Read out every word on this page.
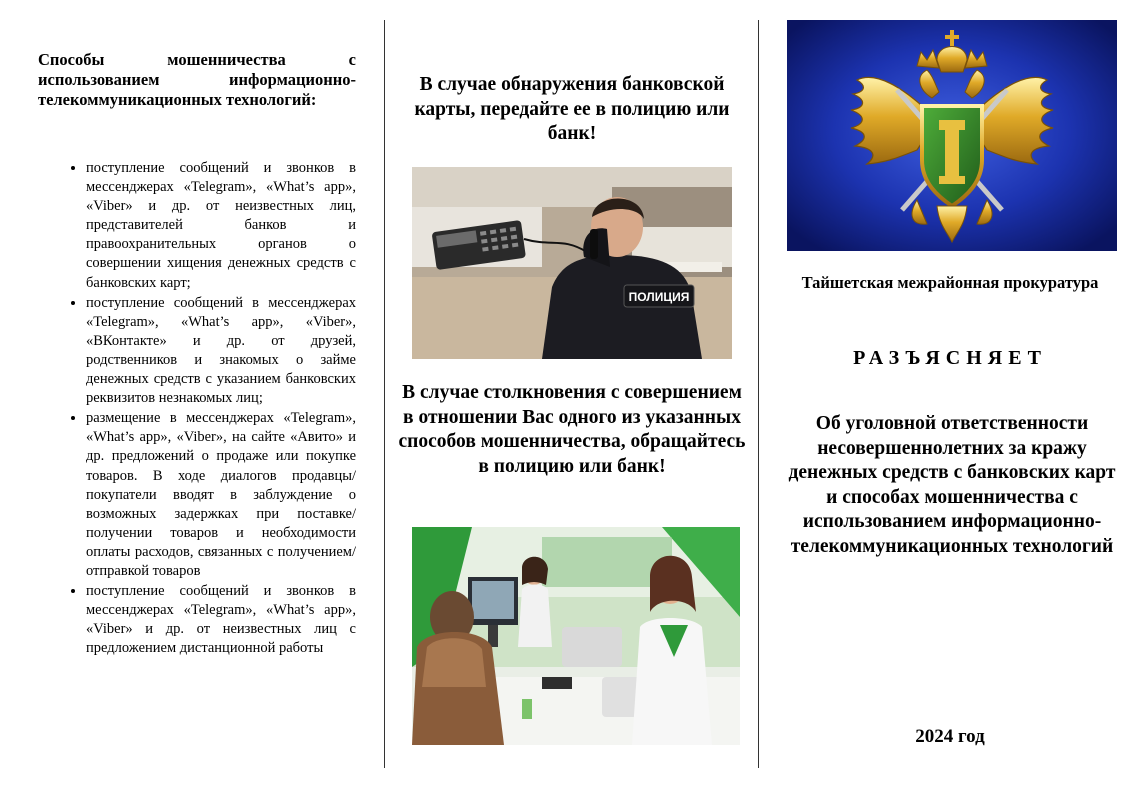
Способы мошенничества с использованием информационно-телекоммуникационных технологий:
• поступление сообщений и звонков в мессенджерах «Telegram», «What’s app», «Viber» и др. от неизвестных лиц, представителей банков и правоохранительных органов о совершении хищения денежных средств с банковских карт;
• поступление сообщений в мессенджерах «Telegram», «What’s app», «Viber», «ВКонтакте» и др. от друзей, родственников и знакомых о займе денежных средств с указанием банковских реквизитов незнакомых лиц;
• размещение в мессенджерах «Telegram», «What’s app», «Viber», на сайте «Авито» и др. предложений о продаже или покупке товаров. В ходе диалогов продавцы/покупатели вводят в заблуждение о возможных задержках при поставке/получении товаров и необходимости оплаты расходов, связанных с получением/отправкой товаров
• поступление сообщений и звонков в мессенджерах «Telegram», «What’s app», «Viber» и др. от неизвестных лиц с предложением дистанционной работы
В случае обнаружения банковской карты, передайте ее в полицию или банк!
ПОЛИЦИЯ
В случае столкновения с совершением в отношении Вас одного из указанных способов мошенничества, обращайтесь в полицию или банк!

Тайшетская межрайонная прокуратура

РАЗЪЯСНЯЕТ

Об уголовной ответственности несовершеннолетних за кражу денежных средств с банковских карт и способах мошенничества с использованием информационно-телекоммуникационных технологий

2024 год
